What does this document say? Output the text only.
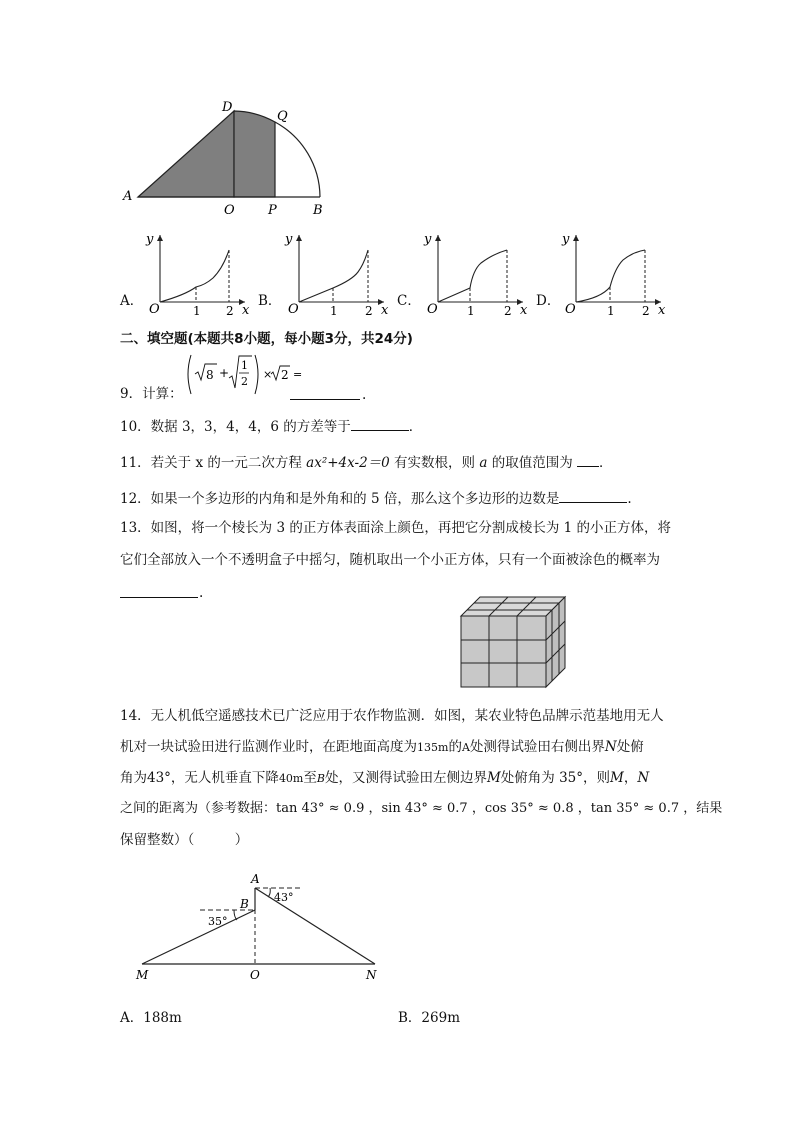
A
D
Q
O	P	B
A．
y
O	1 2 x
B．
y
O	1 2 x
C．
y
O 1 2 x
D．
y
O	1 2 x
二、填空题(本题共8小题，每小题3分，共24分)
9．计算：
8 +
1
2
× 2 =
(√8 + √(1/2)) × √2 =
.
10．数据 3，3，4，4，6 的方差等于	．
11．若关于 x 的一元二次方程 ax²+4x-2＝0 有实数根，则 a 的取值范围为 ．
12．如果一个多边形的内角和是外角和的 5 倍，那么这个多边形的边数是	.
13．如图，将一个棱长为 3 的正方体表面涂上颜色，再把它分割成棱长为 1 的小正方体，将
它们全部放入一个不透明盒子中摇匀，随机取出一个小正方体，只有一个面被涂色的概率为
.
14．无人机低空遥感技术已广泛应用于农作物监测．如图，某农业特色品牌示范基地用无人
机对一块试验田进行监测作业时，在距地面高度为135m的A处测得试验田右侧出界N处俯
角为43°，无人机垂直下降40m至B处，又测得试验田左侧边界M处俯角为 35°，则M，N
之间的距离为（参考数据：tan 43° ≈ 0.9 ，sin 43° ≈ 0.7 ，cos 35° ≈ 0.8 ，tan 35° ≈ 0.7 ，结果
保留整数）（　　　）
A
B 43°
35°
M	O	N
A．188m	B．269m
